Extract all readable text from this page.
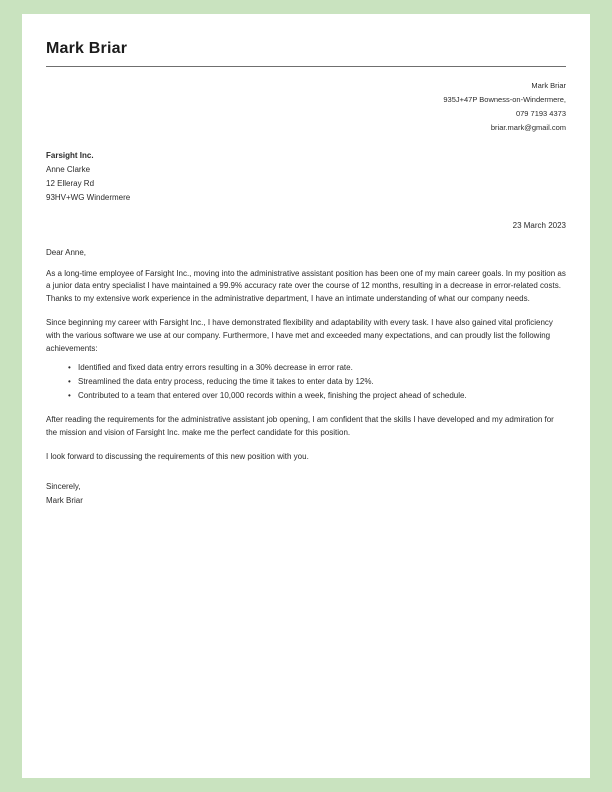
Mark Briar
Mark Briar
935J+47P Bowness-on-Windermere,
079 7193 4373
briar.mark@gmail.com
Farsight Inc.
Anne Clarke
12 Elleray Rd
93HV+WG Windermere
23 March 2023
Dear Anne,

As a long-time employee of Farsight Inc., moving into the administrative assistant position has been one of my main career goals. In my position as a junior data entry specialist I have maintained a 99.9% accuracy rate over the course of 12 months, resulting in a decrease in error-related costs. Thanks to my extensive work experience in the administrative department, I have an intimate understanding of what our company needs.

Since beginning my career with Farsight Inc., I have demonstrated flexibility and adaptability with every task. I have also gained vital proficiency with the various software we use at our company. Furthermore, I have met and exceeded many expectations, and can proudly list the following achievements:

• Identified and fixed data entry errors resulting in a 30% decrease in error rate.
• Streamlined the data entry process, reducing the time it takes to enter data by 12%.
• Contributed to a team that entered over 10,000 records within a week, finishing the project ahead of schedule.

After reading the requirements for the administrative assistant job opening, I am confident that the skills I have developed and my admiration for the mission and vision of Farsight Inc. make me the perfect candidate for this position.

I look forward to discussing the requirements of this new position with you.

Sincerely,
Mark Briar
